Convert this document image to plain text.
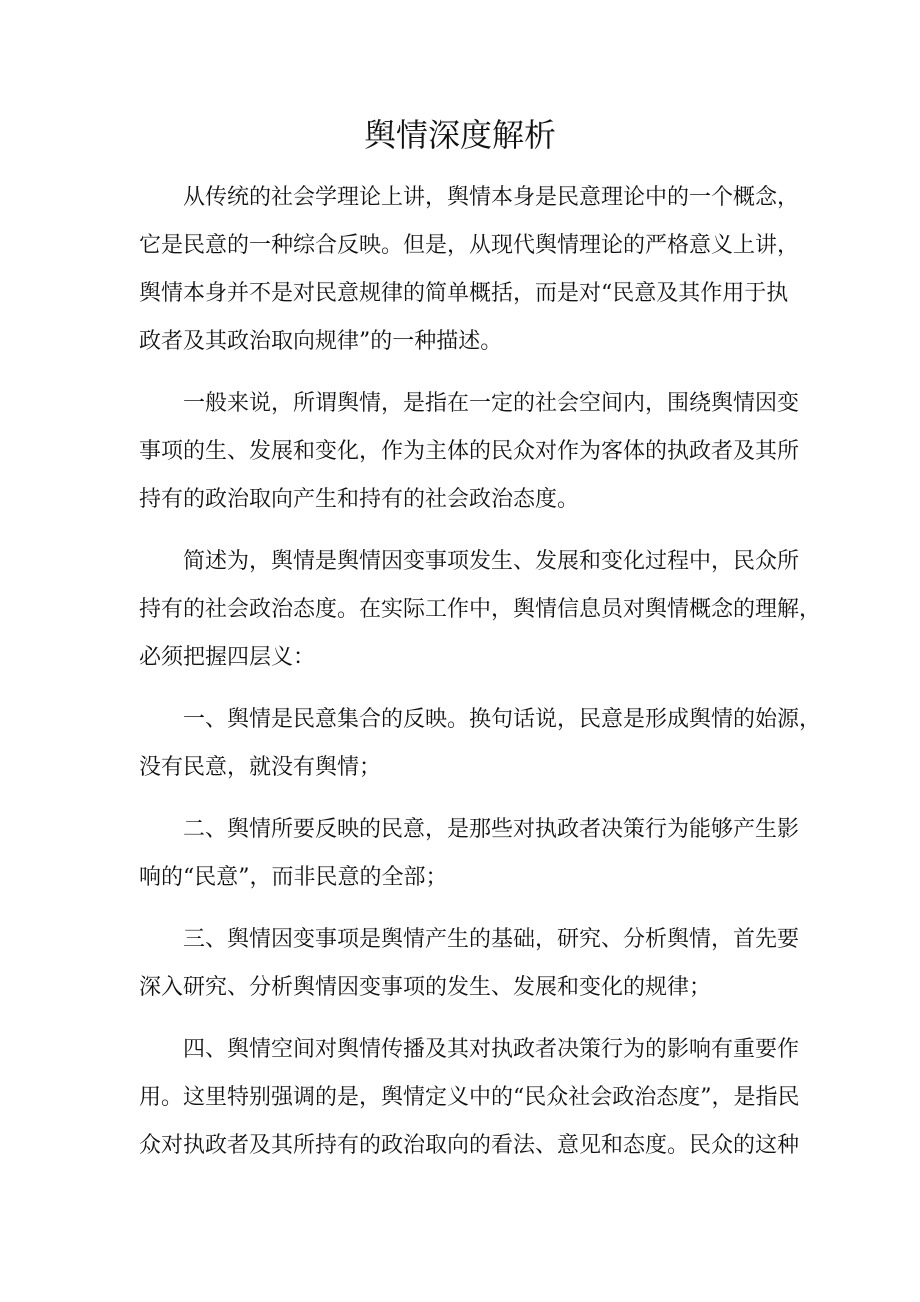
舆情深度解析
从传统的社会学理论上讲，舆情本身是民意理论中的一个概念，
它是民意的一种综合反映。但是，从现代舆情理论的严格意义上讲，
舆情本身并不是对民意规律的简单概括，而是对“民意及其作用于执
政者及其政治取向规律”的一种描述。
一般来说，所谓舆情，是指在一定的社会空间内，围绕舆情因变
事项的生、发展和变化，作为主体的民众对作为客体的执政者及其所
持有的政治取向产生和持有的社会政治态度。
简述为，舆情是舆情因变事项发生、发展和变化过程中，民众所
持有的社会政治态度。在实际工作中，舆情信息员对舆情概念的理解，
必须把握四层义：
一、舆情是民意集合的反映。换句话说，民意是形成舆情的始源，
没有民意，就没有舆情；
二、舆情所要反映的民意，是那些对执政者决策行为能够产生影
响的“民意”，而非民意的全部；
三、舆情因变事项是舆情产生的基础，研究、分析舆情，首先要
深入研究、分析舆情因变事项的发生、发展和变化的规律；
四、舆情空间对舆情传播及其对执政者决策行为的影响有重要作
用。这里特别强调的是，舆情定义中的“民众社会政治态度”，是指民
众对执政者及其所持有的政治取向的看法、意见和态度。民众的这种
